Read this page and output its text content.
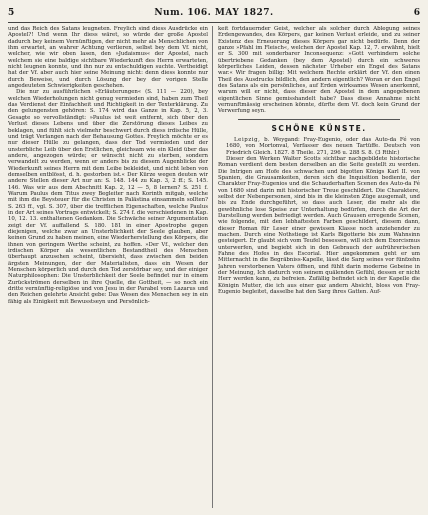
5	Num. 106. MAY 1827.	6

und das Reich des Satans leugneten. Freylich sind diess Ausdrücke ein Apostel?! Und wenn Ihr diess wäret, so würde der große Apostel dadurch bey keinem Vernünftigen, der nicht mehr als Menschlichen von ihm erwartet, an wahrer Achtung verlieren, selbst bey dem Vf. nicht, welcher, wie wir oben lasen, den »Judaismus« der Apostel, nach welchem sie eine baldige sichtbare Wiederkunft des Herrn erwarteten, nicht leugnen konnte, und ihn nur zu entschuldigen suchte. Vertheidigt hat der Vf. aber auch hier seine Meinung nicht: denn diess konnte nur durch Beweise, und durch Lösung der bey der vorigen Stelle angedeuteten Schwierigkeiten geschehen.

Die nur zu ausführlichen »Erläuterungen« (S. 111 — 220), bey welchen Wiederholungen nicht genug vermieden sind, haben zum Theil das Verdienst der Einfachheit und Richtigkeit in der Texterklärung. Zu den gelungensten gehören: S. 174 wird das Ganze in Kap. 5, 2, 3. Gesagte so vervollständigt: »Paulus ist weit entfernt, sich über den Verlust dieses Lebens und über die Zerstörung dieses Leibes zu beklagen, und fühlt sich vielmehr beschwert durch diess irdische Hülle, und trägt Verlangen nach der Behausung Gottes. Freylich möchte er es nur dieser Hülle zu gelangen, dass der Tod vermieden und der unsterbliche Leib über den Erstlichen, gleichsam wie ein Kleid über das andere, angezogen würde; er wünscht nicht zu sterben, sondern verwandelt zu werden, wenn er anders bis zu diesem Augenblicke der Wiederkunft seines Herrn mit dem Leibe bekleidet, und nicht leben von demselben entblösst, d. h. gestorben ist.« Der Kürze wegen deuten wir andere Stellen dieser Art nur an: S. 148. 144 zu Kap. 3, 2 ff.; S. 145. 146. Was wir aus dem Abschnitt Kap. 2, 12 — 5, 8 lernen? S. 251 f. Warum Paulus dem Titus zwey Begleiter nach Korinth mitgab, welche mit ihm die Beysteuer für die Christen in Palästina einsammeln sollten? S. 263 ff., vgl. S. 307, über die trefflichen Eigenschaften, welche Paulus in der Art seines Vortrags entwickelt; S. 274 f. die verschiedenen in Kap. 10, 12. 13. enthaltenen Gedanken. Die Schwäche seiner Argumentation zeigt der Vf. auffallend S. 180. 181 in einer Apostrophe gegen diejenigen, welche zwar an Unsterblichkeit der Seele glauben, aber keinen Grund zu haben meinen, eine Wiederherstellung des Körpers, die ihnen von geringem Werthe scheint, zu hoffen. »Der Vf., welcher den irdischen Körper als wesentlichen Bestandtheil des Menschen überhaupt anzusehen scheint, übersieht, dass zwischen den beiden ärgsten Meinungen, der der Materialisten, dass ein Wesen der Menschen körperlich und durch den Tod zerstörbar sey, und der einiger Naturphilosophen: Die Unsterblichkeit der Seele befindet nur in einem Zurückströmen derselben in ihre Quelle, die Gottheit, — so noch ein dritte vernünftig-religiöse und von Jesu in der Parabel vom Lazarus und den Reichen gelehrte Ansicht gebe: Das Wesen des Menschen sey in ein fähig als Einigkeit mit Bewusstseyn und Persönlich-

keit fortdauernder Geist, welcher als solcher durch Ablegung seines Erdengewandes, des Körpers, gar keinen Verlust erleide, und zu seiner Existenz des Erneuerung dieses Körpers gar nicht bedürfe. Denn der ganze »Pfahl im Fleisch«, welchen der Apostel Kap. 12, 7. erwähnt, hielt er S. 300 mit sonderbarer Inconsequenz: »Gott verhindern solche übertriebene Gedanken (bey dem Apostel) durch ein schweres körperliches Leiden, dessen nächster Urheber ein Engel des Satans war.« Wir fragen billig: Mit welchem Rechte erklärt der Vf. den einen Theil des Ausdrucks bildlich, den andern eigentlich? Woran er den Engel des Satans als ein persönliches, auf Erden wirksames Wesen anerkennt, warum will er nicht, dass dieser den Apostel in dem angegebenen eigentlichen Sinne gemisshandelt habe? Dass diese Annahme nicht vernunftmässig erscheinen könnte, dürfte dem Vf. doch kein Grund der Verwerfung seyn.

SCHÖNE KÜNSTE.

Leipzig, b. Weygand: Fray-Eugenio, oder das Auto-da Fé von 1680, von Mortonval, Verfasser des neuen Tartüffe. Deutsch von Friedrich Gleich. 1827. 8 Theile. 271, 296 u. 288 S. 8. (3 Rthlr.)

Dieser den Werken Walter Scotts sichtbar nachgebildete historische Roman verdient dem besten derselben an die Seite gestellt zu werden. Die Intrigen am Hofe des schwachen und bigotten Königs Karl II. von Spanien, die Grausamkeiten, deren sich die Inquisition bediente, der Charakter Fray-Eugenios und die Schauderhaften Scenen des Auto-da Fé von 1680 sind darin mit historischer Treue geschildert. Die Charaktere, selbst der Nebenpersonen, sind bis in die kleinsten Züge ausgemalt, und bis zu Ende durchgeführt, so dass auch Leser, die mehr als die gewöhnliche lose Speise zur Unterhaltung bedürfen, durch die Art der Darstellung werden befriedigt werden. Auch Grausen erregende Scenen, wie folgende, mit den lebhaftesten Farben geschildert, diesem dann, dieser Roman für Leser einer gewissen Klasse noch anziehender zu machen. Durch eine Nothstiege ist Karls Bigotterie bis zum Wahnsinn gesteigert. Er glaubt sich vom Teufel besessen, will sich dem Exorcismus unterwerfen, und begiebt sich in den Gebrauch der aufrührerischen Fahne des Hofes in des Escorial. Hier angekommen geht er um Mitternacht in die Begräbniss-Kapelle, lässt die Sarg seines vor fünfzehn Jahren verstorbenen Vaters öffnen, und fühlt darin moderne Gebeine in der Meinung, Ich dadurch von seinem quälenden Gefühl, dessen er nicht Herr werden kann, zu befreien. Zufällig befindet sich in der Kapelle die Königin Mutter, die ich aus einer gaz andern Absicht, bloss von Fray-Eugenio begleitet, dasselbe hat den Sarg ihres Gatten. Auf-
